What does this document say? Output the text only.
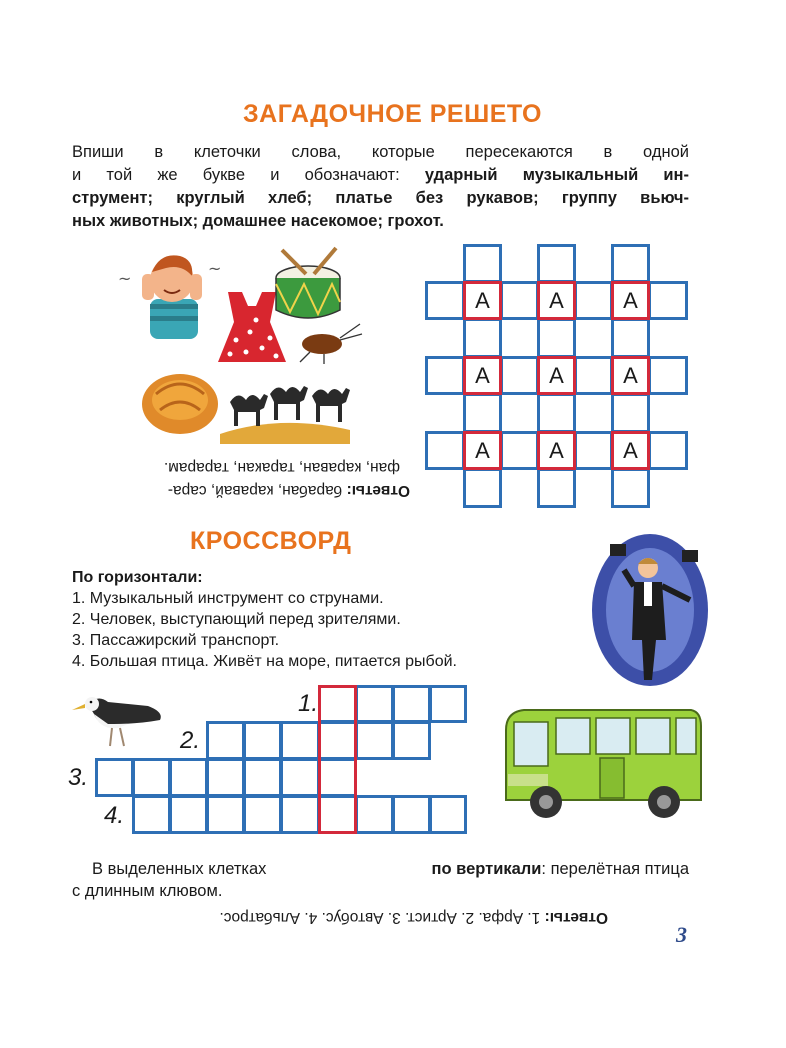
ЗАГАДОЧНОЕ РЕШЕТО
Впиши в клеточки слова, которые пересекаются в одной
и той же букве и обозначают: ударный музыкальный ин-
струмент; круглый хлеб; платье без рукавов; группу вьюч-
ных животных; домашнее насекомое; грохот.
~
~
Ответы: барабан, каравай, сара-
фан, караван, таракан, тарарам.
А	А	А
А	А	А
А	А	А
КРОССВОРД
По горизонтали:
1. Музыкальный инструмент со струнами.
2. Человек, выступающий перед зрителями.
3. Пассажирский транспорт.
4. Большая птица. Живёт на море, питается рыбой.
1.
2.
3.
4.
В выделенных клетках	по вертикали: перелётная птица
с длинным клювом.
Ответы: 1. Арфа. 2. Артист. 3. Автобус. 4. Альбатрос.
3
